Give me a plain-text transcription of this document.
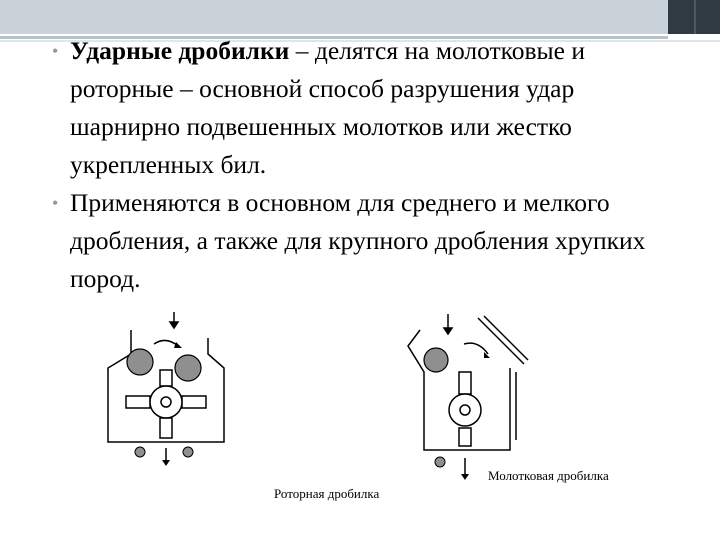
• Ударные дробилки – делятся на молотковые и роторные – основной способ разрушения удар шарнирно подвешенных молотков или жестко укрепленных бил.
• Применяются в основном для среднего и мелкого дробления, а также для крупного дробления хрупких пород.
Молотковая дробилка
Роторная дробилка
